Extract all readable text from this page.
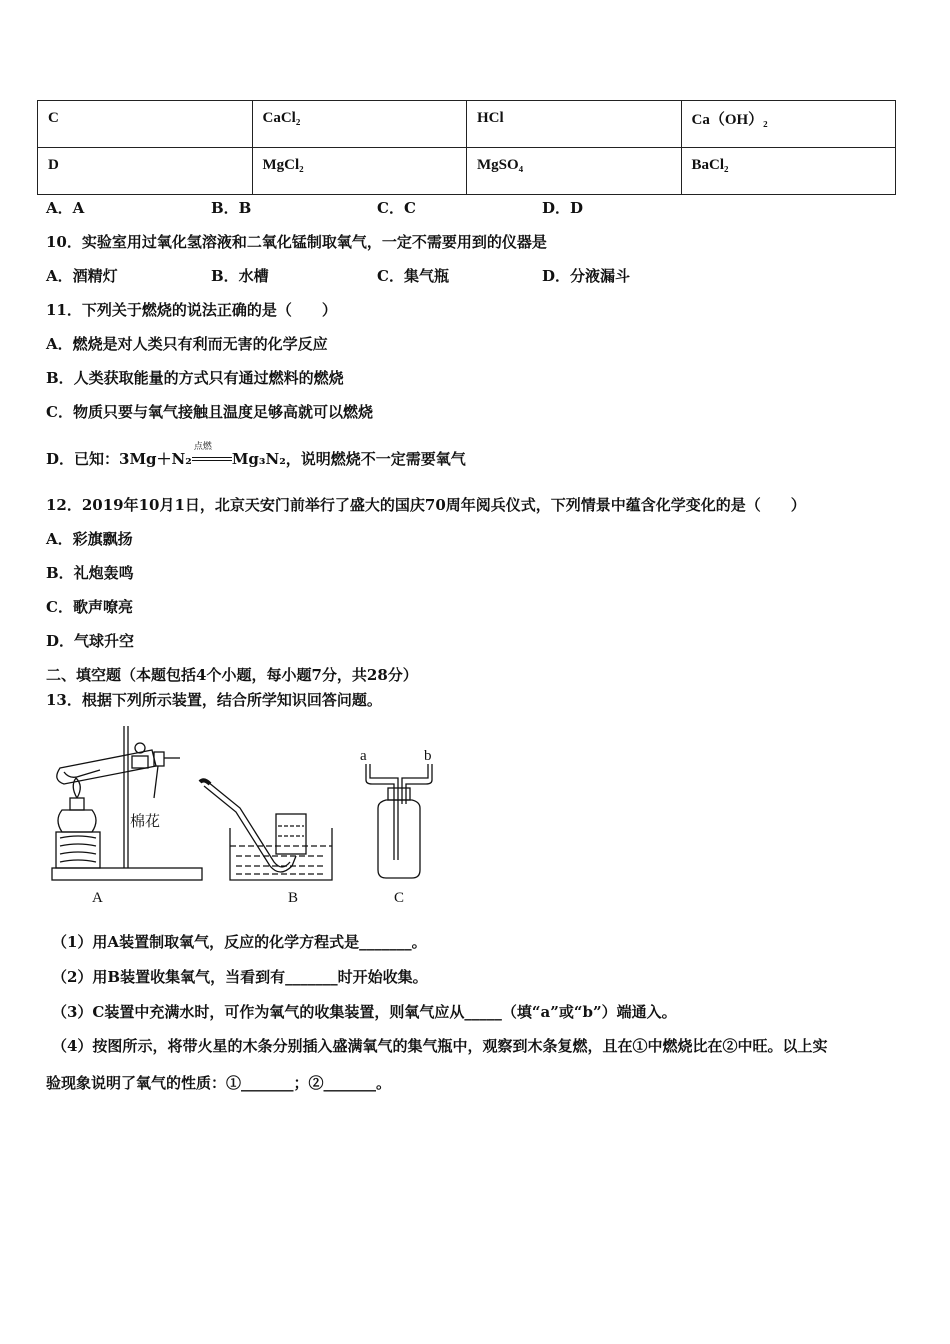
C	CaCl₂	HCl	Ca（OH）₂
D	MgCl₂	MgSO₄	BaCl₂
A．A	B．B	C．C	D．D
10．实验室用过氧化氢溶液和二氧化锰制取氧气，一定不需要用到的仪器是
A．酒精灯	B．水槽	C．集气瓶	D．分液漏斗
11．下列关于燃烧的说法正确的是（　　）
A．燃烧是对人类只有利而无害的化学反应
B．人类获取能量的方式只有通过燃料的燃烧
C．物质只要与氧气接触且温度足够高就可以燃烧
D．已知：3Mg＋N₂
点燃
Mg₃N₂，说明燃烧不一定需要氧气
12．2019年10月1日，北京天安门前举行了盛大的国庆70周年阅兵仪式，下列情景中蕴含化学变化的是（　　）
A．彩旗飘扬
B．礼炮轰鸣
C．歌声嘹亮
D．气球升空
二、填空题（本题包括4个小题，每小题7分，共28分）
13．根据下列所示装置，结合所学知识回答问题。
棉花
A	B
a	b
C
（1）用A装置制取氧气，反应的化学方程式是_______。
（2）用B装置收集氧气，当看到有_______时开始收集。
（3）C装置中充满水时，可作为氧气的收集装置，则氧气应从_____（填“a”或“b”）端通入。
（4）按图所示，将带火星的木条分别插入盛满氧气的集气瓶中，观察到木条复燃，且在①中燃烧比在②中旺。以上实
验现象说明了氧气的性质：①_______；②_______。
